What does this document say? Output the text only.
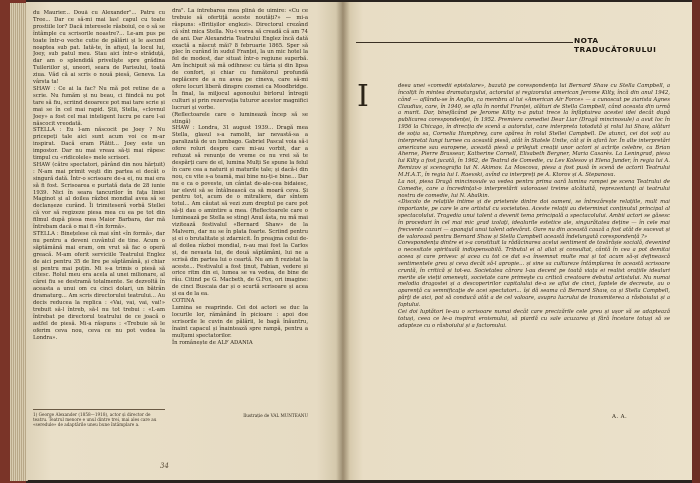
du Maurier... Două cu Alexander"... Patru cu Tree... Dar ce să-mi mai las! capul cu toate prostiile lor? Dacă interesele răsboiul, ce o să se întâmple cu scrisorile noastre?... Le-am pus pe toate într-o veche cutie de pălării și le ascund noaptea sub pat. Iată-te, în afișul, la locul lui, Joey, sub patul meu. Stau aici într-o străduță, dar am o splendidă privelişte spre grădina Tuileriilor și, uneori, seara de Parisului, toată ziua. Văd că ai scris o nouă piesă, Geneva. La vârsta ta!
SHAW : Ce ai la fac? Nu mă pot retine de a scrie. Nu fumăm și nu beau, ci fiindcă nu pot tare să fiu, scriind deoarece pot mai tare scrie și mai se în cel mai rapid. Știi, Stella, «clovnul Joey» a fost cel mai inteligent lucru pe care l-ai născocit vreodată.
STELLA : Eu l-am născocit pe Joey ? Nu pricepeți tale aici sunt acum voi ce m-ar inspirat. Dacă eram Plătit... Joey este un impostor. Dar nu mai vreau să-ți mai răpesc timpul cu «ridicolele» mele scrisori.
SHAW (către spectatori, pârând din nou hărțuit) : N-am mai primit veşti din partea ei decât o singură dată. Într-o scrisoare de-a ei, nu mai era să fi fost. Scrisoarea e purtată data de 28 iunie 1939. Nici în seara tancurilor în fața liniei Maginot și al doilea război mondial avea să se declanșeze curând. Îi trimiteseră vorbă Stellei că vor să regizeze piesa mea cu ea pe tot din filmul după piesa mea Maior Barbara, dar mă întrebam dacă o mai fi «în formă».
STELLA : Binețelese că mai sînt «în formă», dar nu pentru a deveni cuvântul de tine. Acum o săptămână mai eram, om vrut să fac o operă greacă. M-am oferit serviciile Teatrului Englez de aici pentru 35 de lire pe săptămână, și chiar și pentru mai puțin. Mi s-a trimis o piesă să citesc. Rolul meu era acela al unei milionare, al cărei fiu se destramă totalmente. Se dezvoltă în aceasta a unui om cu cinci dolari, un bătrân dramaturg... Am scris directorului teatrului... Au decis reducea la replica : «Vai, vai, vai, vai!» trebuit să-l întreb, să-l nu tot trebui : «L-am întrebat pe directorul teatrului de ce joacă o astfel de piesă. Mi-a răspuns : «Trebuie să le oferim ceva nou, ceva ce nu pot vedea la Londra».

dra". La întrebarea mea plină de uimire: «Cu ce trebuie să ofertiță aceste noutăți?» — mi-a răspuns: «Britișilor englezi». Directorul crezând că sînt mica Stella. Nu-i vorea să creadă că am 74 de ani. Dar Alexandria Teatrului Englez încă dată exactă a născut măi? 8 februarie 1865. Sper să plec în curând în sudul Franței, la un mic hotel la fel de modest, dar situat într-o regiune superbă. Am închipuit să mă odihnesc cu tăria și din lipsa de confort, și chiar cu fumătorul profundă neplăcere de a nu avea pe cineva, care să-mi ofere locuri liberă dinspre cosmei ca Moodbridge. În final, la miljocul agonoului birlorul întregii culturi și prin rezervația tuturor acestor magnifici lucruri și vorbe.
(Reflectoarele care o luminează încep să se stingă)
SHAW : Londra, 31 august 1939... Dragă mea Stella, glasul s-a ramolit, iar nevastă-sa a paralizată de un lumbago. Gabriel Pascal voia să-i ofere roluri despre care mi-au vorbit, dar a refuzat să renunțe de vreme ce nu vrei să te despărți care de el, lumina Mulți Se spune la felul în care cea a naturii și maturile tale; și dacă-i din nou, cu vite s-a teamă, mai bine nu-ți-e bine... Dar nu e ca o poveste, un cântat de-ale-cea bidaiesc, iar elevii să se întâlnească ca să moară ceva. Și pentru tot, acum de o mitraliere, dar sîntem totul... Am căutat să vezi zum dreptul pe care pot să-ți dau o amintire a mea. (Reflectoarele care o luminează pe Stella se sting) Anul ăsta, nu mă mai vizitează festivalul «Bernard Shaw» de la Malvern, dar nu se în plata foarte. Scriind pentru și ei o brutalitate și zdarnicit. În preajma celui de-al doilea război mondial, n-au mai fost la Carlos și, de nevasta lui, de două săptămâni, lui ne a scrisă din partea lui o ceartă. Nu am fi rezistat la aceste... Festivalul a fost ținut, Fabian, vedere și orice ritm din ei, lumea se va vedea, de bine de rău. Citind pe G. Macbeth, de G.Fox, ori imagine: de cinci Buscaia dar și o scurtă scrisoare și acea și ea de la ea.
COTINA
Lumina se reaprinde. Cei doi actori se duc la locurile lor, rămânând în picioare : apoi doe scrisorile le cuvin de pălării, le bagă înăuntru, înaint capacul și înaintează spre rampă, pentru a mulțumi spectatorilor.
În românește de ALF ADANIA

1) George Alexander (1858—1918), actor și director de teatru. Teatrul menore e unul dintre trei, mai ales care au «seredule» de adaptările uneu bune întâmplare a.
Ilustrație de VAL MUNTEANU
34
NOTA TRADUCĂTORULUI
I	deea unei «comedii epistolare», bazată pe corespondența lui Bernard Shaw cu Stella Campbell, a încolțit în mintea dramaturgului, actorului și regizorului american Jerome Kilty, încă din anul 1942, când — aflându-se în Anglia, ca membru al lui «American Air Force» — a cunoscut pe ziarista Agnes Claudius, care, în 1940, se afla în nordul Franței, alături de Stella Campbell, când aceasta din urmă a murit. Dar, binefăcând pe Jerome Kilty n-a putut trece la înfăptuirea acestei idei decât după publicarea corespondenței, în 1952. Premiera comediei Dear Liar (Dragă mincinosule) a avut loc în 1956 la Chicago, în direcția de scenă a autorului, care interpreta totodată și rolul lui Shaw, alături de soția sa, Cornelia Humphrey, care apărea în rolul Stellei Campbell. De atunci, cei doi soți au interpretat lungi turnee cu această piesă, atât în Statele Unite, cât și în afară lor. În alte interpretări americane sau europene, această piesă a prilejuit creații unor actori și actrițe celebre, ca Brian Aherne, Pierre Brasseur, Katherine Cornell, Elisabeth Bergner, Maria Casarès. La Leningrad, piesa lui Kilty a fost jucată, în 1962, de Teatrul de Comedie, cu Lev Kolesov și Elena Junder, în regia lui A. Remizov și scenografia lui N. Akimov. La Moscova, piesa a fost pusă în scenă de actorii Teatrului M.H.A.T., în regia lui I. Raevski, avînd ca interpreți pe A. Ktorov și A. Stepanova.
La noi, piesa Dragă mincinosule va vedea pentru prima oară lumina rampei pe scena Teatrului de Comedie, care a încredințat-o interpretării valoroasei treime alcătuită, reprezentanți ai teatrului nostru de comedie, lui N. Abalkin.
«Discolo de relațiile intime și de prietenie dintre doi oameni, se întrezărește relațiile, mult mai importante, pe care le are artistul cu societatea. Aceste relații au determinat conținutul principal al spectacolului. Tragedia unui talent a devenit tema principală a spectacolului. Ambii actori se găsesc în proceduri în cel mai mic grad izolaţi, idealurile estetice ale, singurătatea deține — în cele mai frecvente cazuri — apanajul unui talent adevărat. Oare nu din această cauză a fost atât de sucevat și de valoroasă pentru Bernard Shaw și Stella Campbell această îndelungată corespondență ?»
Corespondența dintre ei s-a constituit la rădăcinarea acelui sentiment de tovărășie socială, devenind o necesitate spirituală indispensabilă. Tributul ei al aliat și consultat, cântă în cea a pot demitai aceea și care privesc și acea cu tot ce dat s-a însemnat multe mai și tot acum să-și definească sentimentele greu și ceva decât să-l apropie... și sine sa cultureze întâmplarea în această scrisoare cruntă, în critică și tot-ea. Societatea cărora l-au decent pe toată viața ei realist orațiile idealuri merite ale vieții omenești, societate care primeşte cu critică creatoare debutul artistului. Nu numai melodia dragostei și a descoperirilor capitalului de-a se aflui de cinci, faptele de decreate, au o aparență cu semnificaţie de acei spectatori... își dă seama că Bernard Shaw, ca și Stella Campbell, părţi de aici, pot să conducă atât a de cel valoare, asupra lucrului de transmiterea a răsboiului și a faptului.
Cei doi luptători le-au o scrisoare numai decât care precizările cele greu și ușor să se adaptează totuși, ceea ce le-a inspirat eroismului, să piardă cu sale acuzarea și fără încetare totuși să se adapteze cu o răsboiului și a factomului.

A. A.
